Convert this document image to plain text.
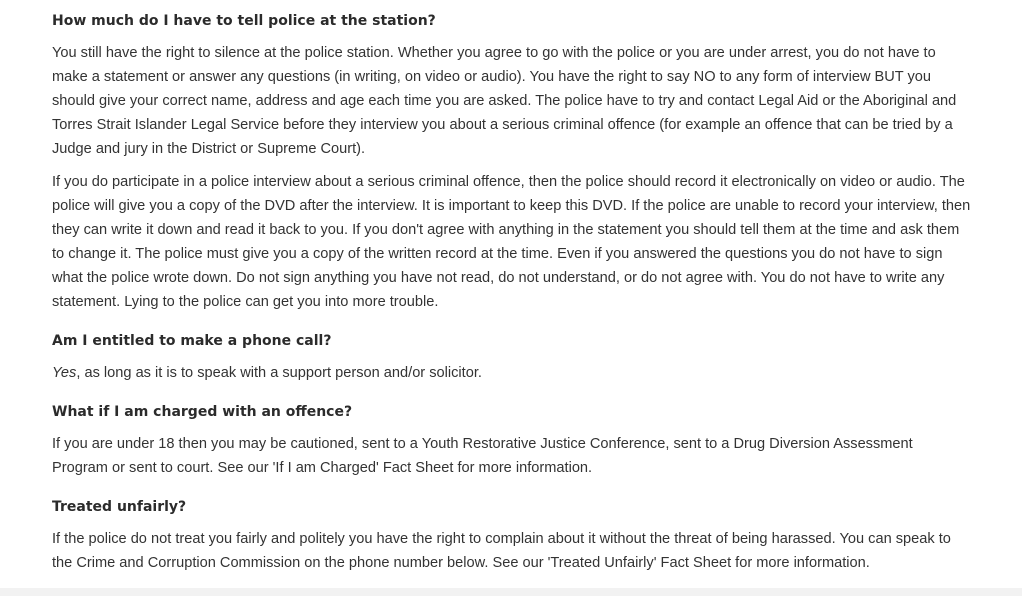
How much do I have to tell police at the station?

You still have the right to silence at the police station. Whether you agree to go with the police or you are under arrest, you do not have to make a statement or answer any questions (in writing, on video or audio). You have the right to say NO to any form of interview BUT you should give your correct name, address and age each time you are asked. The police have to try and contact Legal Aid or the Aboriginal and Torres Strait Islander Legal Service before they interview you about a serious criminal offence (for example an offence that can be tried by a Judge and jury in the District or Supreme Court).

If you do participate in a police interview about a serious criminal offence, then the police should record it electronically on video or audio. The police will give you a copy of the DVD after the interview. It is important to keep this DVD. If the police are unable to record your interview, then they can write it down and read it back to you. If you don't agree with anything in the statement you should tell them at the time and ask them to change it. The police must give you a copy of the written record at the time. Even if you answered the questions you do not have to sign what the police wrote down. Do not sign anything you have not read, do not understand, or do not agree with. You do not have to write any statement. Lying to the police can get you into more trouble.

Am I entitled to make a phone call?

Yes, as long as it is to speak with a support person and/or solicitor.

What if I am charged with an offence?

If you are under 18 then you may be cautioned, sent to a Youth Restorative Justice Conference, sent to a Drug Diversion Assessment Program or sent to court. See our 'If I am Charged' Fact Sheet for more information.

Treated unfairly?

If the police do not treat you fairly and politely you have the right to complain about it without the threat of being harassed. You can speak to the Crime and Corruption Commission on the phone number below. See our 'Treated Unfairly' Fact Sheet for more information.
